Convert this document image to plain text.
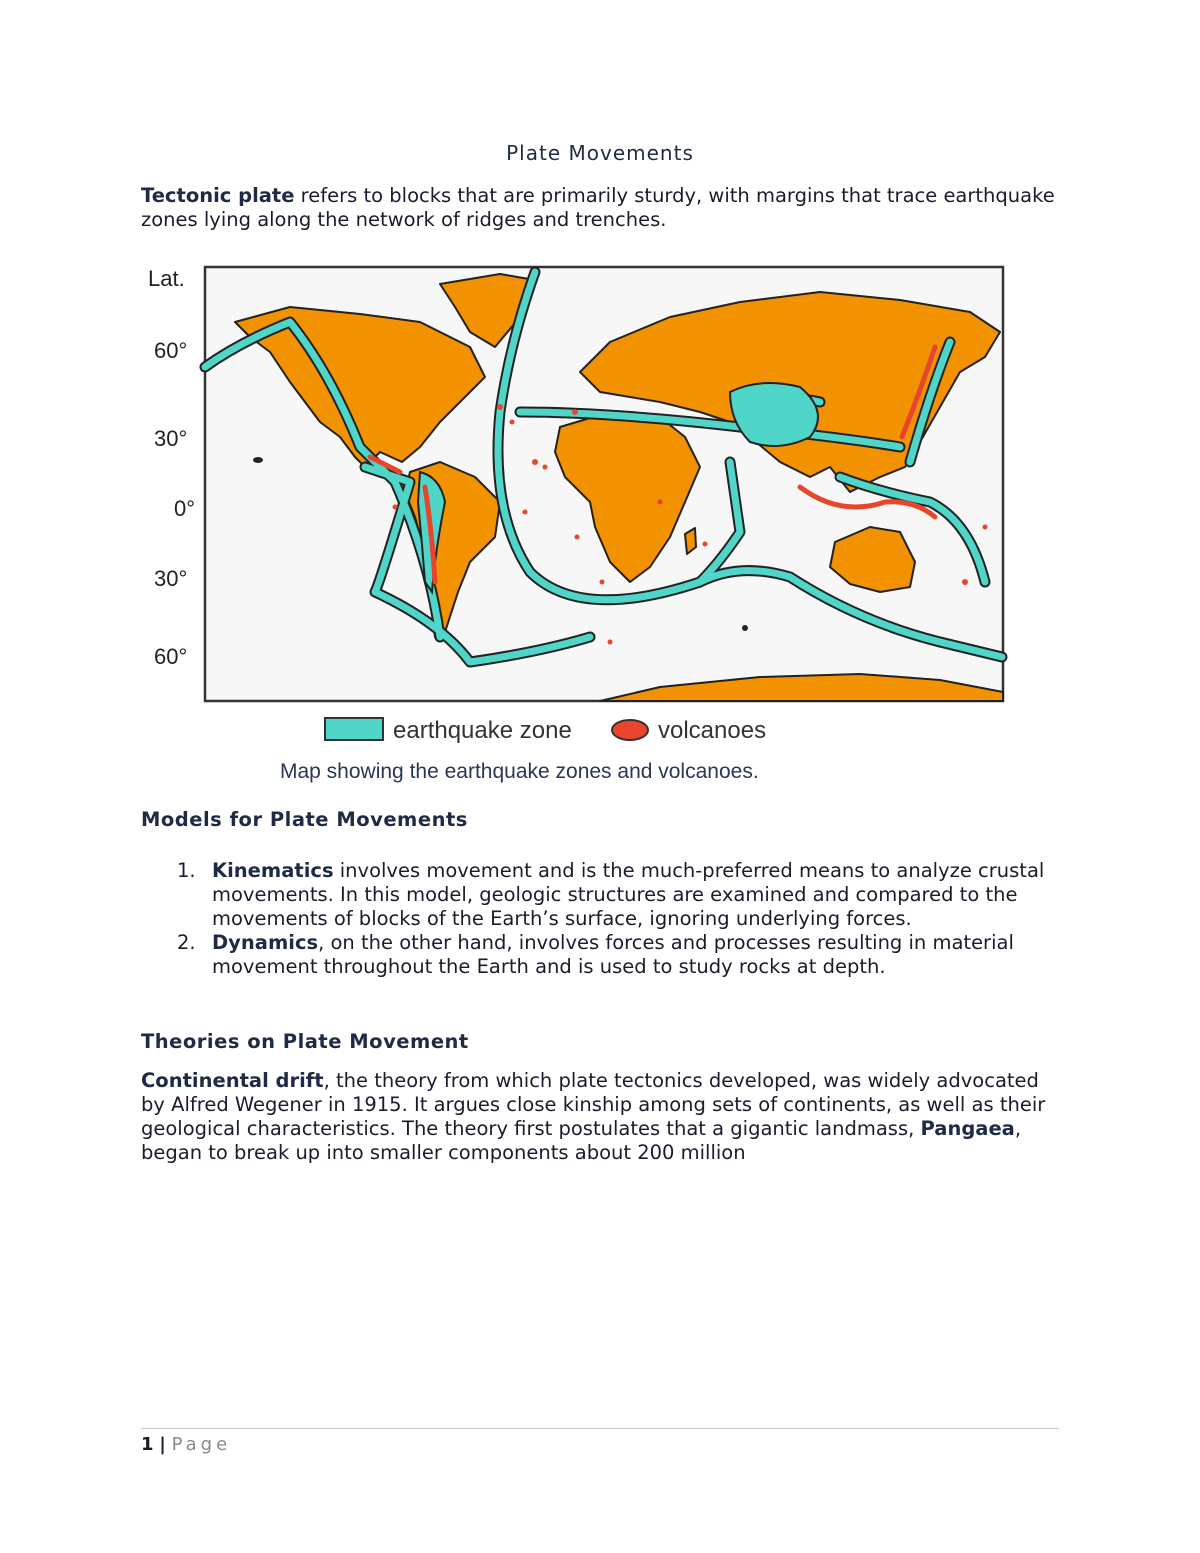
Plate Movements

Tectonic plate refers to blocks that are primarily sturdy, with margins that trace earthquake zones lying along the network of ridges and trenches.

Lat.
60°
30°
0°
30°
60°
earthquake zone	volcanoes
Map showing the earthquake zones and volcanoes.
Models for Plate Movements
1. Kinematics involves movement and is the much-preferred means to analyze crustal movements. In this model, geologic structures are examined and compared to the movements of blocks of the Earth’s surface, ignoring underlying forces.
2. Dynamics, on the other hand, involves forces and processes resulting in material movement throughout the Earth and is used to study rocks at depth.
Theories on Plate Movement

Continental drift, the theory from which plate tectonics developed, was widely advocated by Alfred Wegener in 1915. It argues close kinship among sets of continents, as well as their geological characteristics. The theory first postulates that a gigantic landmass, Pangaea, began to break up into smaller components about 200 million

1 | Page
